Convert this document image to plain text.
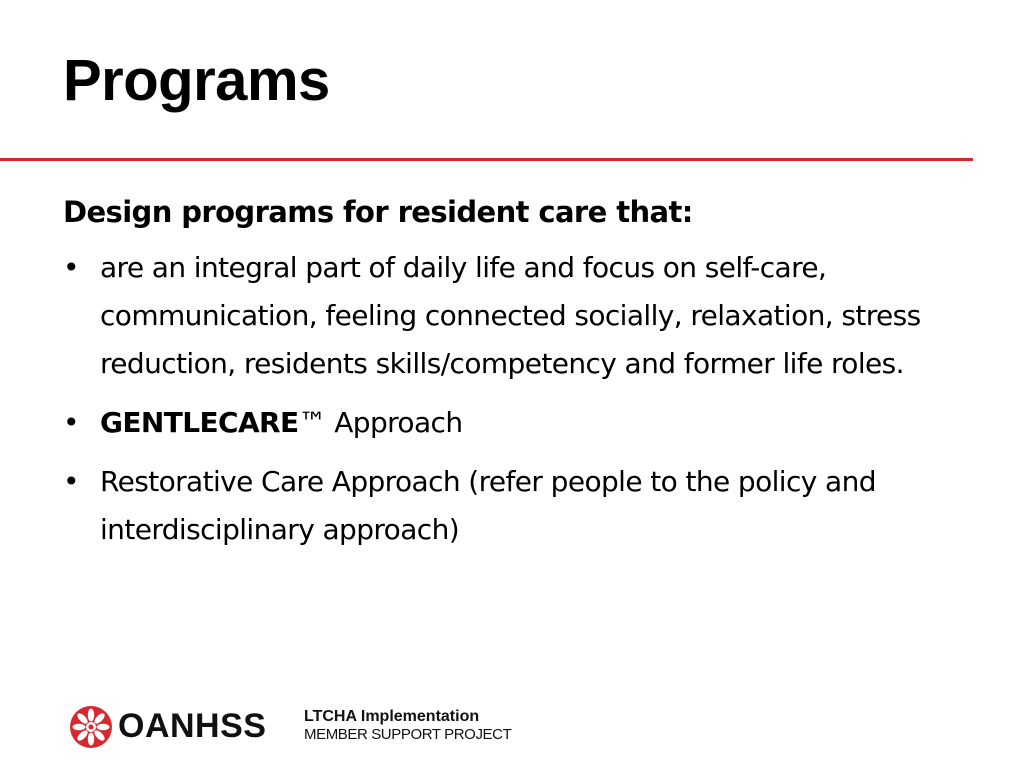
Programs

Design programs for resident care that:

• are an integral part of daily life and focus on self-care, communication, feeling connected socially, relaxation, stress reduction, residents skills/competency and former life roles.
• GENTLECARE™ Approach
• Restorative Care Approach (refer people to the policy and interdisciplinary approach)
OANHSS LTCHA Implementation
MEMBER SUPPORT PROJECT
